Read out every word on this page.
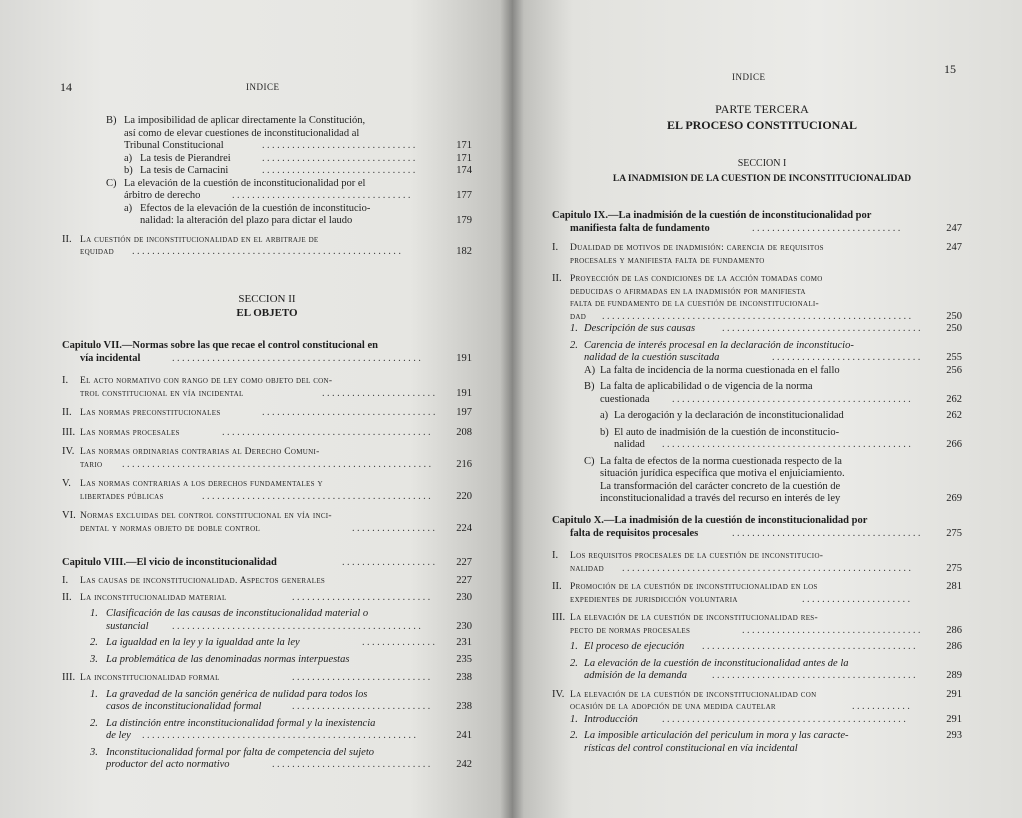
14	INDICE
B) La imposibilidad de aplicar directamente la Constitución,
así como de elevar cuestiones de inconstitucionalidad al
Tribunal Constitucional	...............................	171
a) La tesis de Pierandrei	...............................	171
b) La tesis de Carnacini	...............................	174
C) La elevación de la cuestión de inconstitucionalidad por el
árbitro de derecho	....................................	177
a) Efectos de la elevación de la cuestión de inconstitucio-
nalidad: la alteración del plazo para dictar el laudo	179
II. La cuestión de inconstitucionalidad en el arbitraje de
equidad ......................................................	182
SECCION II
EL OBJETO
Capitulo VII.—Normas sobre las que recae el control constitucional en
vía incidental	..................................................	191
I. El acto normativo con rango de ley como objeto del con-
trol constitucional en vía incidental	.......................	191
II. Las normas preconstitucionales	...................................	197
III. Las normas procesales	..........................................	208
IV. Las normas ordinarias contrarias al Derecho Comuni-
tario ..............................................................	216
V. Las normas contrarias a los derechos fundamentales y
libertades públicas	..............................................	220
VI. Normas excluidas del control constitucional en vía inci-
dental y normas objeto de doble control	.................	224
Capitulo VIII.—El vicio de inconstitucionalidad	...................	227
I. Las causas de inconstitucionalidad. Aspectos generales	227
II. La inconstitucionalidad material	............................	230
1. Clasificación de las causas de inconstitucionalidad material o
sustancial ..................................................	230
2. La igualdad en la ley y la igualdad ante la ley	...............	231
3. La problemática de las denominadas normas interpuestas	235
III. La inconstitucionalidad formal	............................	238
1. La gravedad de la sanción genérica de nulidad para todos los
casos de inconstitucionalidad formal	............................	238
2. La distinción entre inconstitucionalidad formal y la inexistencia
de ley .......................................................	241
3. Inconstitucionalidad formal por falta de competencia del sujeto
productor del acto normativo	................................	242
15
INDICE
PARTE TERCERA
EL PROCESO CONSTITUCIONAL
SECCION I
LA INADMISION DE LA CUESTION DE INCONSTITUCIONALIDAD
Capitulo IX.—La inadmisión de la cuestión de inconstitucionalidad por
manifiesta falta de fundamento	..............................	247
I. Dualidad de motivos de inadmisión: carencia de requisitos	247
procesales y manifiesta falta de fundamento
II. Proyección de las condiciones de la acción tomadas como
deducidas o afirmadas en la inadmisión por manifiesta
falta de fundamento de la cuestión de inconstitucionali-
dad ..............................................................	250
1. Descripción de sus causas	........................................	250
2. Carencia de interés procesal en la declaración de inconstitucio-
nalidad de la cuestión suscitada	..............................	255
A) La falta de incidencia de la norma cuestionada en el fallo	256
B) La falta de aplicabilidad o de vigencia de la norma
cuestionada ................................................	262
a) La derogación y la declaración de inconstitucionalidad	262
b) El auto de inadmisión de la cuestión de inconstitucio-
nalidad ..................................................	266
C) La falta de efectos de la norma cuestionada respecto de la
situación jurídica específica que motiva el enjuiciamiento.
La transformación del carácter concreto de la cuestión de
inconstitucionalidad a través del recurso en interés de ley	269
Capitulo X.—La inadmisión de la cuestión de inconstitucionalidad por
falta de requisitos procesales	......................................	275
I. Los requisitos procesales de la cuestión de inconstitucio-
nalidad ..........................................................	275
II. Promoción de la cuestión de inconstitucionalidad en los	281
expedientes de jurisdicción voluntaria	......................
III. La elevación de la cuestión de inconstitucionalidad res-
pecto de normas procesales	....................................	286
1. El proceso de ejecución ...........................................	286
2. La elevación de la cuestión de inconstitucionalidad antes de la
admisión de la demanda .........................................	289
IV. La elevación de la cuestión de inconstitucionalidad con	291
ocasión de la adopción de una medida cautelar	............
1. Introducción .................................................	291
2. La imposible articulación del periculum in mora y las caracte-	293
rísticas del control constitucional en vía incidental
